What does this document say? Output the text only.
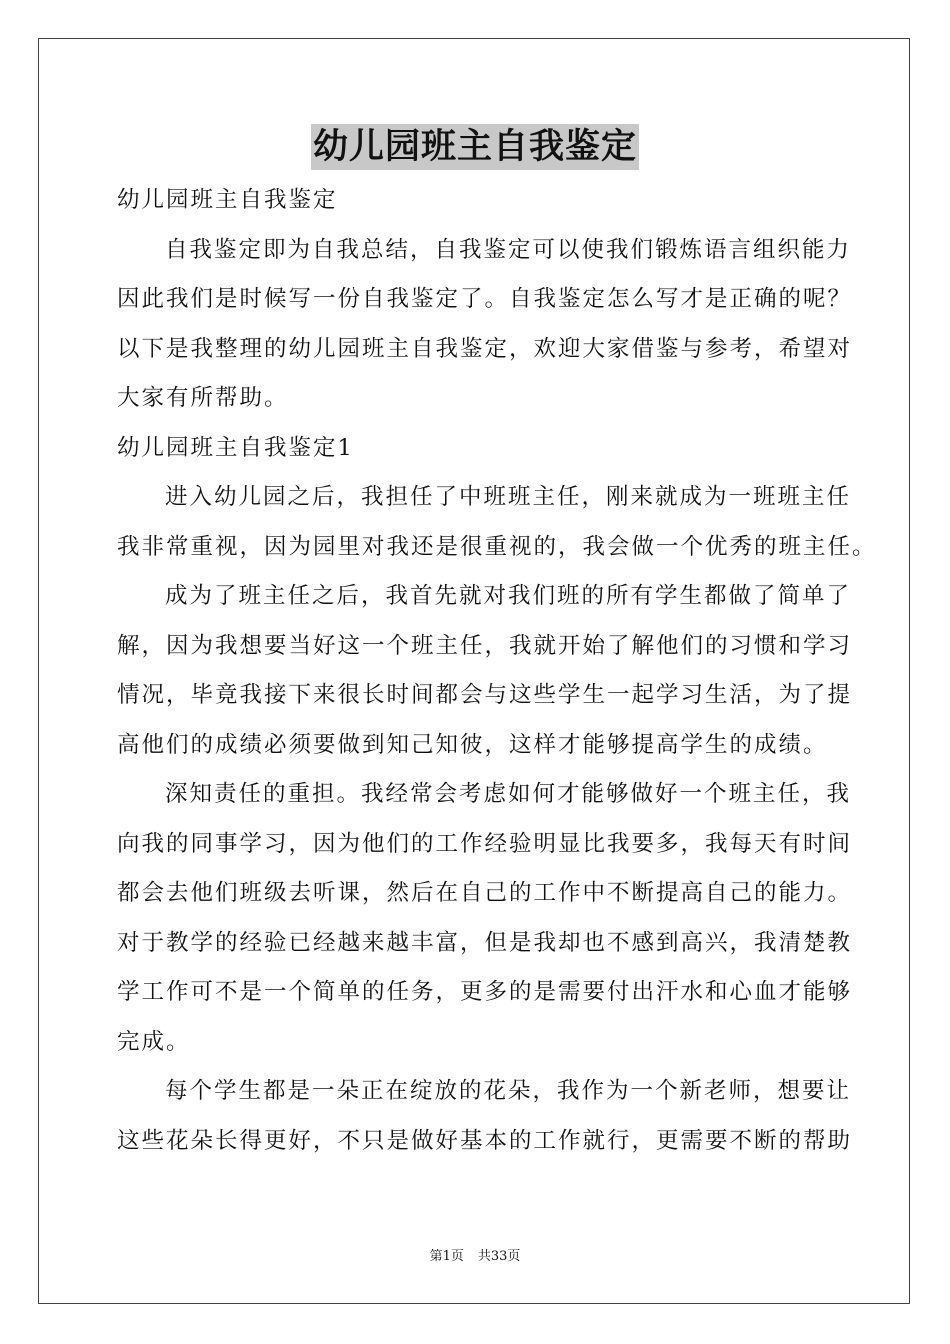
幼儿园班主自我鉴定
幼儿园班主自我鉴定
自我鉴定即为自我总结，自我鉴定可以使我们锻炼语言组织能力
因此我们是时候写一份自我鉴定了。自我鉴定怎么写才是正确的呢？
以下是我整理的幼儿园班主自我鉴定，欢迎大家借鉴与参考，希望对
大家有所帮助。
幼儿园班主自我鉴定1
进入幼儿园之后，我担任了中班班主任，刚来就成为一班班主任
我非常重视，因为园里对我还是很重视的，我会做一个优秀的班主任。
成为了班主任之后，我首先就对我们班的所有学生都做了简单了
解，因为我想要当好这一个班主任，我就开始了解他们的习惯和学习
情况，毕竟我接下来很长时间都会与这些学生一起学习生活，为了提
高他们的成绩必须要做到知己知彼，这样才能够提高学生的成绩。
深知责任的重担。我经常会考虑如何才能够做好一个班主任，我
向我的同事学习，因为他们的工作经验明显比我要多，我每天有时间
都会去他们班级去听课，然后在自己的工作中不断提高自己的能力。
对于教学的经验已经越来越丰富，但是我却也不感到高兴，我清楚教
学工作可不是一个简单的任务，更多的是需要付出汗水和心血才能够
完成。
每个学生都是一朵正在绽放的花朵，我作为一个新老师，想要让
这些花朵长得更好，不只是做好基本的工作就行，更需要不断的帮助
第1页 共33页
